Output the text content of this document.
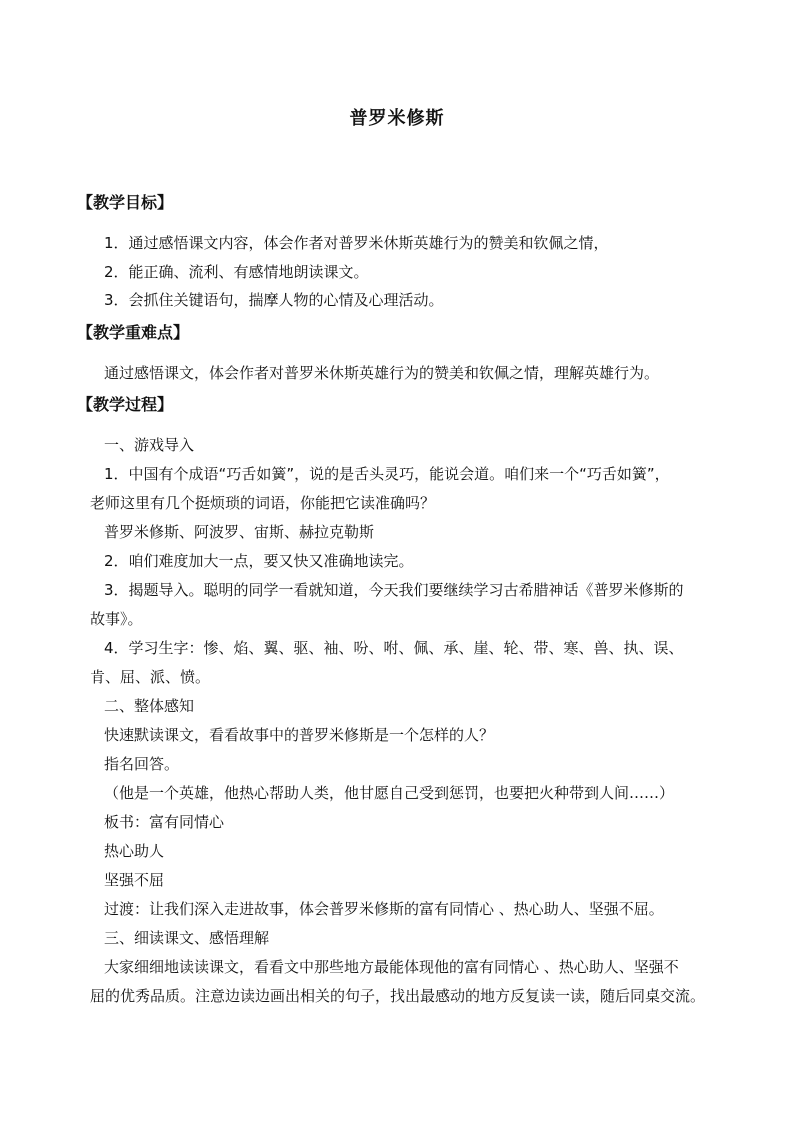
普罗米修斯
【教学目标】
1．通过感悟课文内容，体会作者对普罗米休斯英雄行为的赞美和钦佩之情，
2．能正确、流利、有感情地朗读课文。
3．会抓住关键语句，揣摩人物的心情及心理活动。
【教学重难点】
通过感悟课文，体会作者对普罗米休斯英雄行为的赞美和钦佩之情，理解英雄行为。
【教学过程】
一、游戏导入
1．中国有个成语“巧舌如簧”，说的是舌头灵巧，能说会道。咱们来一个“巧舌如簧”，
老师这里有几个挺烦琐的词语，你能把它读准确吗？
普罗米修斯、阿波罗、宙斯、赫拉克勒斯
2．咱们难度加大一点，要又快又准确地读完。
3．揭题导入。聪明的同学一看就知道，今天我们要继续学习古希腊神话《普罗米修斯的
故事》。
4．学习生字：惨、焰、翼、驱、袖、吩、咐、佩、承、崖、轮、带、寒、兽、执、误、
肯、屈、派、愤。
二、整体感知
快速默读课文，看看故事中的普罗米修斯是一个怎样的人？
指名回答。
（他是一个英雄，他热心帮助人类，他甘愿自己受到惩罚，也要把火种带到人间……）
板书：富有同情心
热心助人
坚强不屈
过渡：让我们深入走进故事，体会普罗米修斯的富有同情心 、热心助人、坚强不屈。
三、细读课文、感悟理解
大家细细地读读课文，看看文中那些地方最能体现他的富有同情心 、热心助人、坚强不
屈的优秀品质。注意边读边画出相关的句子，找出最感动的地方反复读一读，随后同桌交流。
